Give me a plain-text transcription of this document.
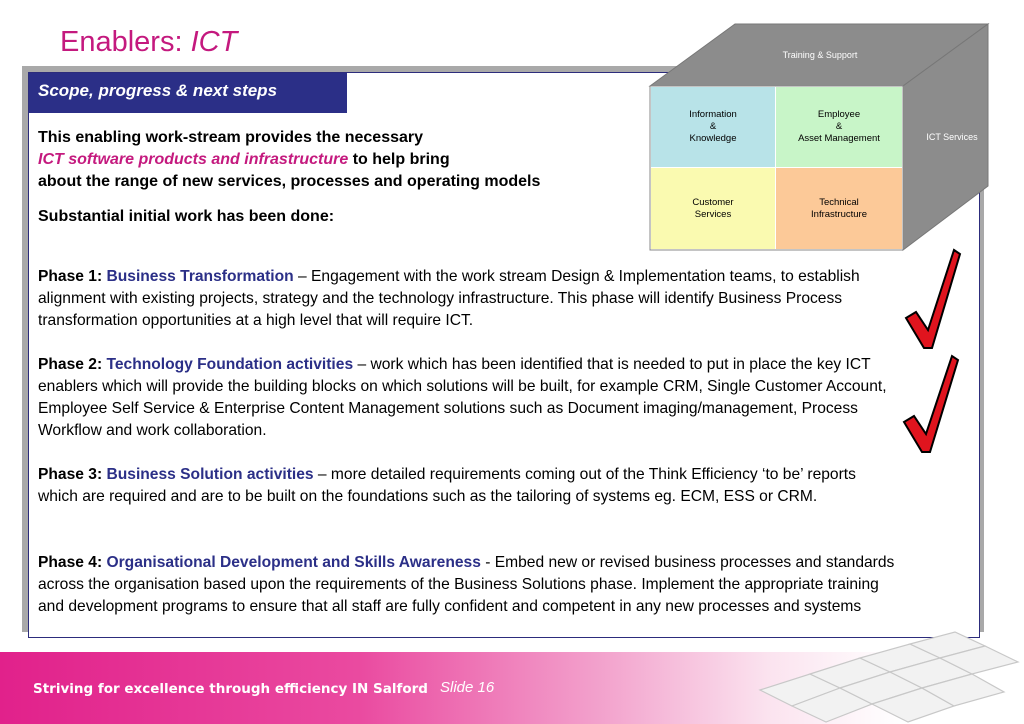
Enablers: ICT
Scope, progress & next steps
This enabling work-stream provides the necessary
ICT software products and infrastructure to help bring
about the range of new services, processes and operating models
Substantial initial work has been done:
Phase 1: Business Transformation – Engagement with the work stream Design & Implementation teams, to establish alignment with existing projects, strategy and the technology infrastructure. This phase will identify Business Process transformation opportunities at a high level that will require ICT.
Phase 2: Technology Foundation activities – work which has been identified that is needed to put in place the key ICT enablers which will provide the building blocks on which solutions will be built, for example CRM, Single Customer Account, Employee Self Service & Enterprise Content Management solutions such as Document imaging/management, Process Workflow and work collaboration.
Phase 3: Business Solution activities – more detailed requirements coming out of the Think Efficiency ‘to be’ reports which are required and are to be built on the foundations such as the tailoring of systems eg. ECM, ESS or CRM.
Phase 4: Organisational Development and Skills Awareness - Embed new or revised business processes and standards across the organisation based upon the requirements of the Business Solutions phase. Implement the appropriate training and development programs to ensure that all staff are fully confident and competent in any new processes and systems
Training & Support
ICT Services
Information
&
Knowledge
Employee
&
Asset Management
Customer
Services
Technical
Infrastructure
Striving for excellence through efficiency IN Salford Slide 16
